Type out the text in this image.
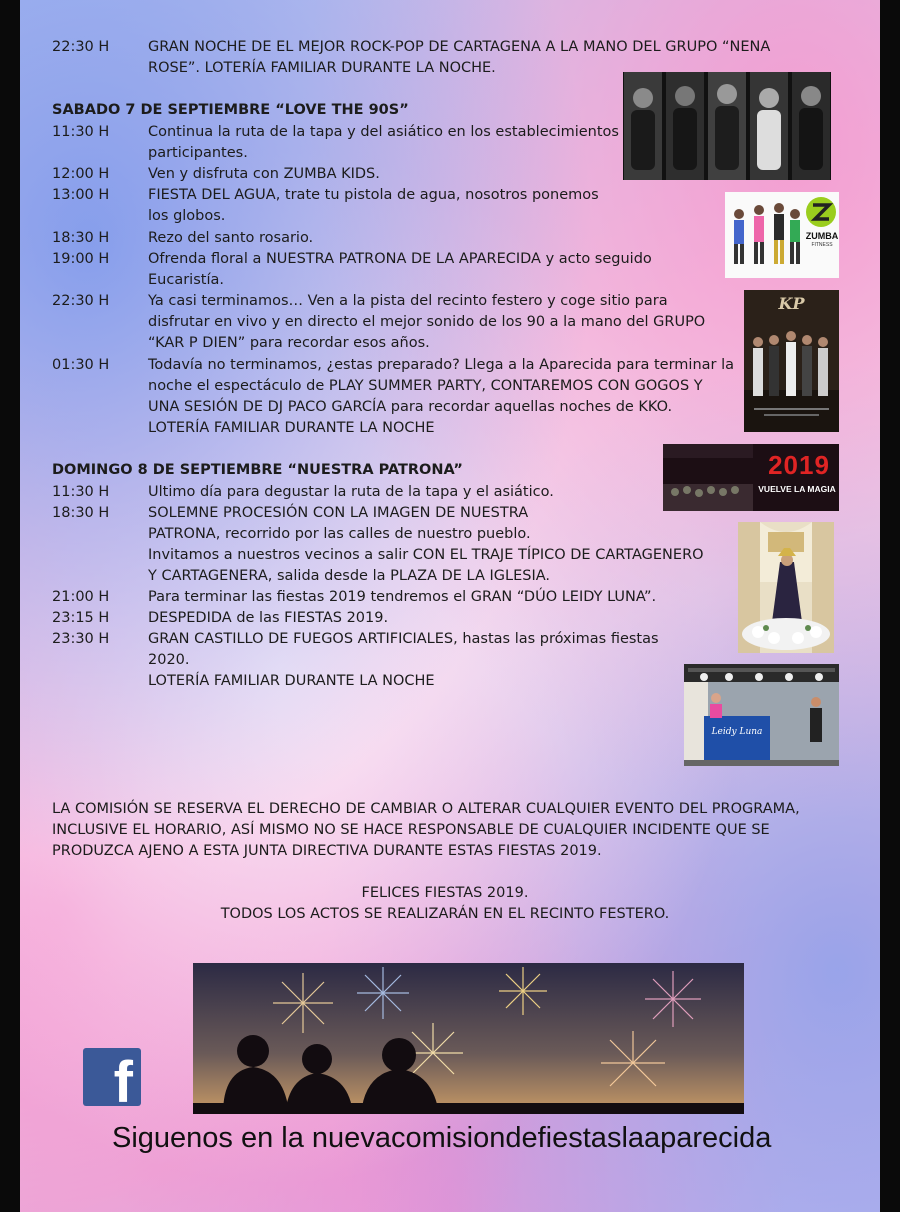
22:30 H	GRAN NOCHE DE EL MEJOR ROCK-POP DE CARTAGENA A LA MANO DEL GRUPO “NENA
ROSE”. LOTERÍA FAMILIAR DURANTE LA NOCHE.
SABADO 7 DE SEPTIEMBRE “LOVE THE 90S”
11:30 H	Continua la ruta de la tapa y del asiático en los establecimientos
participantes.
12:00 H	Ven y disfruta con ZUMBA KIDS.
13:00 H	FIESTA DEL AGUA, trate tu pistola de agua, nosotros ponemos
los globos.
18:30 H	Rezo del santo rosario.
19:00 H	Ofrenda floral a NUESTRA PATRONA DE LA APARECIDA y acto seguido
Eucaristía.
22:30 H	Ya casi terminamos… Ven a la pista del recinto festero y coge sitio para
disfrutar en vivo y en directo el mejor sonido de los 90 a la mano del GRUPO
“KAR P DIEN” para recordar esos años.
01:30 H	Todavía no terminamos, ¿estas preparado? Llega a la Aparecida para terminar la
noche el espectáculo de PLAY SUMMER PARTY, CONTAREMOS CON GOGOS Y
UNA SESIÓN DE DJ PACO GARCÍA para recordar aquellas noches de KKO.
LOTERÍA FAMILIAR DURANTE LA NOCHE
DOMINGO 8 DE SEPTIEMBRE “NUESTRA PATRONA”
11:30 H	Ultimo día para degustar la ruta de la tapa y el asiático.
18:30 H	SOLEMNE PROCESIÓN CON LA IMAGEN DE NUESTRA
PATRONA, recorrido por las calles de nuestro pueblo.
Invitamos a nuestros vecinos a salir CON EL TRAJE TÍPICO DE CARTAGENERO
Y CARTAGENERA, salida desde la PLAZA DE LA IGLESIA.
21:00 H	Para terminar las fiestas 2019 tendremos el GRAN “DÚO LEIDY LUNA”.
23:15 H	DESPEDIDA de las FIESTAS 2019.
23:30 H	GRAN CASTILLO DE FUEGOS ARTIFICIALES, hastas las próximas fiestas
2020.
LOTERÍA FAMILIAR DURANTE LA NOCHE
ZUMBA
FITNESS
KP
2019
VUELVE LA MAGIA
Leidy Luna
LA COMISIÓN SE RESERVA EL DERECHO DE CAMBIAR O ALTERAR CUALQUIER EVENTO DEL PROGRAMA,
INCLUSIVE EL HORARIO, ASÍ MISMO NO SE HACE RESPONSABLE DE CUALQUIER INCIDENTE QUE SE
PRODUZCA AJENO A ESTA JUNTA DIRECTIVA DURANTE ESTAS FIESTAS 2019.
FELICES FIESTAS 2019.
TODOS LOS ACTOS SE REALIZARÁN EN EL RECINTO FESTERO.
f
Siguenos en la nuevacomisiondefiestaslaaparecida
